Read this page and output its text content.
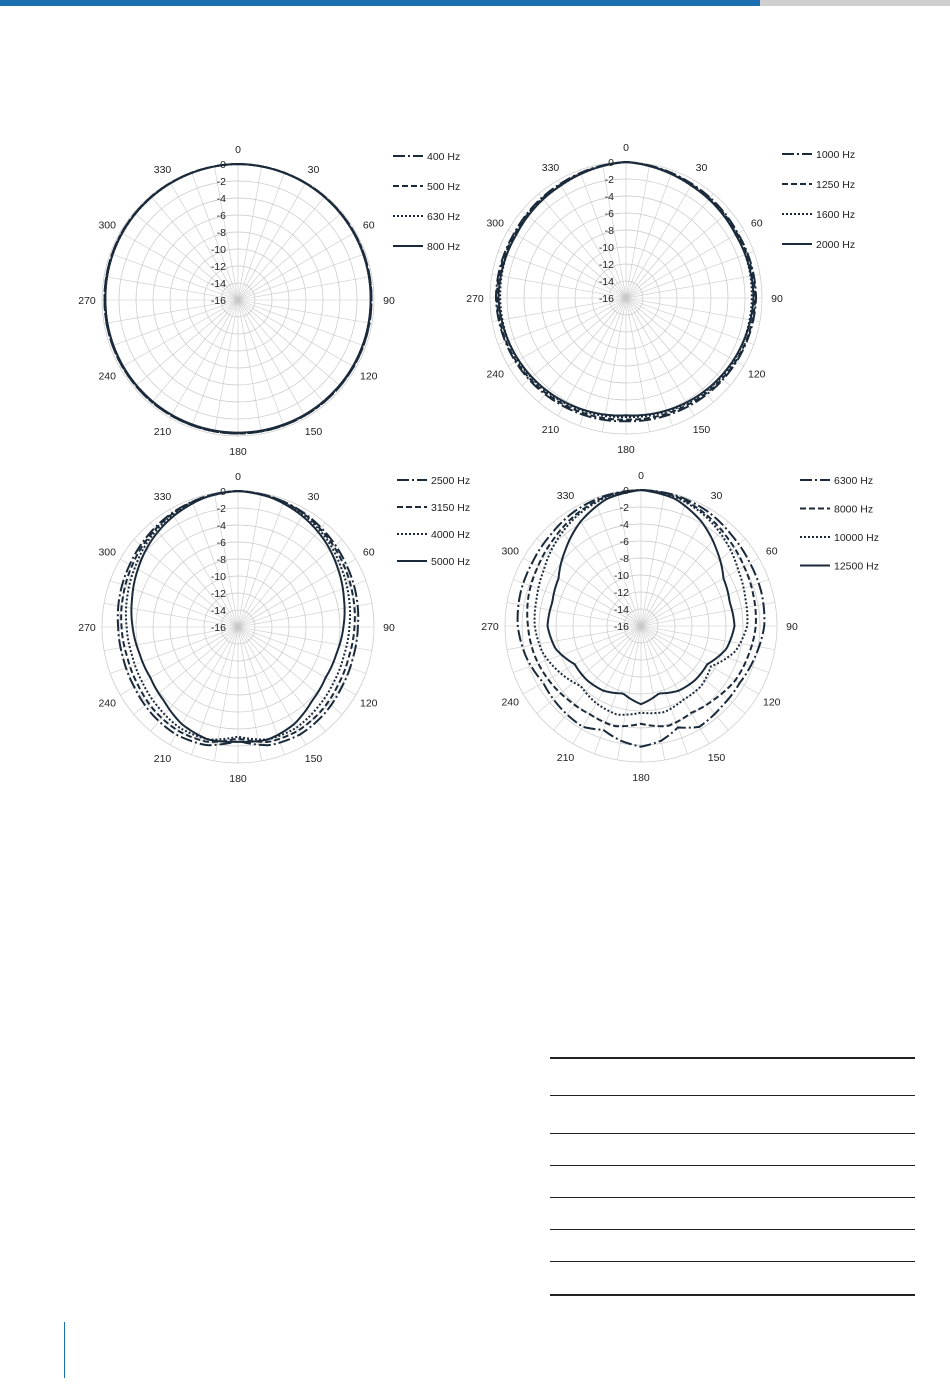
0
-2
-4
-6
-8
-10
-12
-14
-16
0
30
60
90
120
150
180
210
240
270
300
330
400 Hz
500 Hz
630 Hz
800 Hz
0
-2
-4
-6
-8
-10
-12
-14
-16
0
30
60
90
120
150
180
210
240
270
300
330
1000 Hz
1250 Hz
1600 Hz
2000 Hz
0
-2
-4
-6
-8
-10
-12
-14
-16
0
30
60
90
120
150
180
210
240
270
300
330
2500 Hz
3150 Hz
4000 Hz
5000 Hz
0
-2
-4
-6
-8
-10
-12
-14
-16
0
30
60
90
120
150
180
210
240
270
300
330
6300 Hz
8000 Hz
10000 Hz
12500 Hz
